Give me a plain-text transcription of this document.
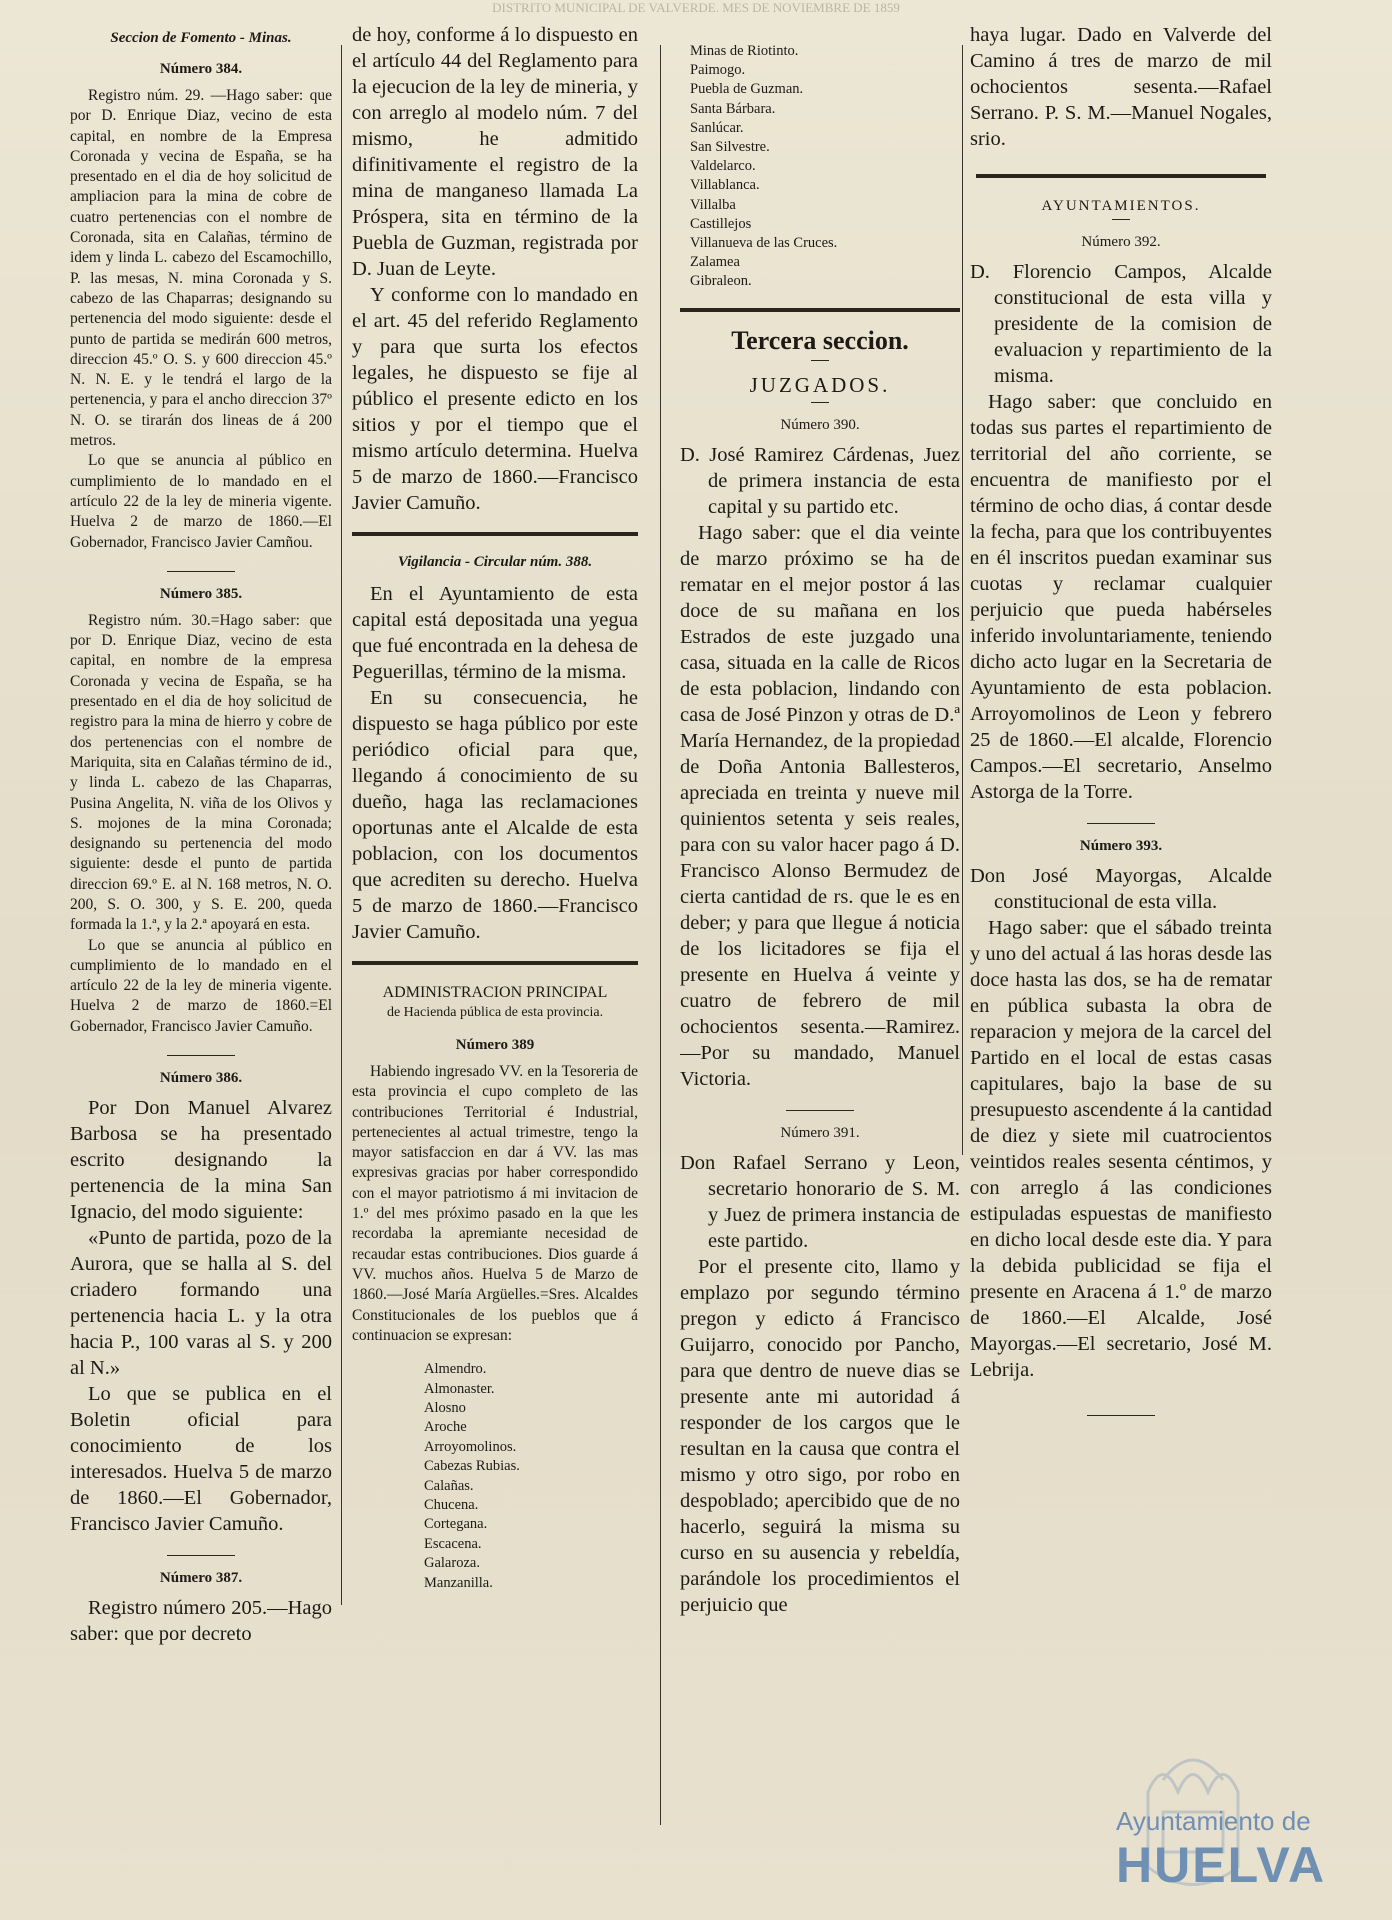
DISTRITO MUNICIPAL DE VALVERDE. MES DE NOVIEMBRE DE 1859
Seccion de Fomento - Minas.
Número 384.

Registro núm. 29. —Hago saber: que por D. Enrique Diaz, vecino de esta capital, en nombre de la Empresa Coronada y vecina de España, se ha presentado en el dia de hoy solicitud de ampliacion para la mina de cobre de cuatro pertenencias con el nombre de Coronada, sita en Calañas, término de idem y linda L. cabezo del Escamochillo, P. las mesas, N. mina Coronada y S. cabezo de las Chaparras; designando su pertenencia del modo siguiente: desde el punto de partida se medirán 600 metros, direccion 45.º O. S. y 600 direccion 45.º N. N. E. y le tendrá el largo de la pertenencia, y para el ancho direccion 37º N. O. se tirarán dos lineas de á 200 metros.

Lo que se anuncia al público en cumplimiento de lo mandado en el artículo 22 de la ley de mineria vigente. Huelva 2 de marzo de 1860.—El Gobernador, Francisco Javier Camñou.

Número 385.

Registro núm. 30.=Hago saber: que por D. Enrique Diaz, vecino de esta capital, en nombre de la empresa Coronada y vecina de España, se ha presentado en el dia de hoy solicitud de registro para la mina de hierro y cobre de dos pertenencias con el nombre de Mariquita, sita en Calañas término de id., y linda L. cabezo de las Chaparras, Pusina Angelita, N. viña de los Olivos y S. mojones de la mina Coronada; designando su pertenencia del modo siguiente: desde el punto de partida direccion 69.º E. al N. 168 metros, N. O. 200, S. O. 300, y S. E. 200, queda formada la 1.ª, y la 2.ª apoyará en esta.

Lo que se anuncia al público en cumplimiento de lo mandado en el artículo 22 de la ley de mineria vigente. Huelva 2 de marzo de 1860.=El Gobernador, Francisco Javier Camuño.

Número 386.

Por Don Manuel Alvarez Barbosa se ha presentado escrito designando la pertenencia de la mina San Ignacio, del modo siguiente:

«Punto de partida, pozo de la Aurora, que se halla al S. del criadero formando una pertenencia hacia L. y la otra hacia P., 100 varas al S. y 200 al N.»

Lo que se publica en el Boletin oficial para conocimiento de los interesados. Huelva 5 de marzo de 1860.—El Gobernador, Francisco Javier Camuño.

Número 387.

Registro número 205.—Hago saber: que por decreto

de hoy, conforme á lo dispuesto en el artículo 44 del Reglamento para la ejecucion de la ley de mineria, y con arreglo al modelo núm. 7 del mismo, he admitido difinitivamente el registro de la mina de manganeso llamada La Próspera, sita en término de la Puebla de Guzman, registrada por D. Juan de Leyte.

Y conforme con lo mandado en el art. 45 del referido Reglamento y para que surta los efectos legales, he dispuesto se fije al público el presente edicto en los sitios y por el tiempo que el mismo artículo determina. Huelva 5 de marzo de 1860.—Francisco Javier Camuño.

Vigilancia - Circular núm. 388.

En el Ayuntamiento de esta capital está depositada una yegua que fué encontrada en la dehesa de Peguerillas, término de la misma.

En su consecuencia, he dispuesto se haga público por este periódico oficial para que, llegando á conocimiento de su dueño, haga las reclamaciones oportunas ante el Alcalde de esta poblacion, con los documentos que acrediten su derecho. Huelva 5 de marzo de 1860.—Francisco Javier Camuño.

ADMINISTRACION PRINCIPAL
de Hacienda pública de esta provincia.
Número 389

Habiendo ingresado VV. en la Tesoreria de esta provincia el cupo completo de las contribuciones Territorial é Industrial, pertenecientes al actual trimestre, tengo la mayor satisfaccion en dar á VV. las mas expresivas gracias por haber correspondido con el mayor patriotismo á mi invitacion de 1.º del mes próximo pasado en la que les recordaba la apremiante necesidad de recaudar estas contribuciones. Dios guarde á VV. muchos años. Huelva 5 de Marzo de 1860.—José María Argüelles.=Sres. Alcaldes Constitucionales de los pueblos que á continuacion se expresan:

Almendro.
Almonaster.
Alosno
Aroche
Arroyomolinos.
Cabezas Rubias.
Calañas.
Chucena.
Cortegana.
Escacena.
Galaroza.
Manzanilla.
Minas de Riotinto.
Paimogo.
Puebla de Guzman.
Santa Bárbara.
Sanlúcar.
San Silvestre.
Valdelarco.
Villablanca.
Villalba
Castillejos
Villanueva de las Cruces.
Zalamea
Gibraleon.
Tercera seccion.
JUZGADOS.
Número 390.

D. José Ramirez Cárdenas, Juez de primera instancia de esta capital y su partido etc.

Hago saber: que el dia veinte de marzo próximo se ha de rematar en el mejor postor á las doce de su mañana en los Estrados de este juzgado una casa, situada en la calle de Ricos de esta poblacion, lindando con casa de José Pinzon y otras de D.ª María Hernandez, de la propiedad de Doña Antonia Ballesteros, apreciada en treinta y nueve mil quinientos setenta y seis reales, para con su valor hacer pago á D. Francisco Alonso Bermudez de cierta cantidad de rs. que le es en deber; y para que llegue á noticia de los licitadores se fija el presente en Huelva á veinte y cuatro de febrero de mil ochocientos sesenta.—Ramirez.—Por su mandado, Manuel Victoria.

Número 391.

Don Rafael Serrano y Leon, secretario honorario de S. M. y Juez de primera instancia de este partido.

Por el presente cito, llamo y emplazo por segundo término pregon y edicto á Francisco Guijarro, conocido por Pancho, para que dentro de nueve dias se presente ante mi autoridad á responder de los cargos que le resultan en la causa que contra el mismo y otro sigo, por robo en despoblado; apercibido que de no hacerlo, seguirá la misma su curso en su ausencia y rebeldía, parándole los procedimientos el perjuicio que

haya lugar. Dado en Valverde del Camino á tres de marzo de mil ochocientos sesenta.—Rafael Serrano. P. S. M.—Manuel Nogales, srio.

AYUNTAMIENTOS.
Número 392.

D. Florencio Campos, Alcalde constitucional de esta villa y presidente de la comision de evaluacion y repartimiento de la misma.

Hago saber: que concluido en todas sus partes el repartimiento de territorial del año corriente, se encuentra de manifiesto por el término de ocho dias, á contar desde la fecha, para que los contribuyentes en él inscritos puedan examinar sus cuotas y reclamar cualquier perjuicio que pueda habérseles inferido involuntariamente, teniendo dicho acto lugar en la Secretaria de Ayuntamiento de esta poblacion. Arroyomolinos de Leon y febrero 25 de 1860.—El alcalde, Florencio Campos.—El secretario, Anselmo Astorga de la Torre.

Número 393.

Don José Mayorgas, Alcalde constitucional de esta villa.

Hago saber: que el sábado treinta y uno del actual á las horas desde las doce hasta las dos, se ha de rematar en pública subasta la obra de reparacion y mejora de la carcel del Partido en el local de estas casas capitulares, bajo la base de su presupuesto ascendente á la cantidad de diez y siete mil cuatrocientos veintidos reales sesenta céntimos, y con arreglo á las condiciones estipuladas espuestas de manifiesto en dicho local desde este dia. Y para la debida publicidad se fija el presente en Aracena á 1.º de marzo de 1860.—El Alcalde, José Mayorgas.—El secretario, José M. Lebrija.

Ayuntamiento de
HUELVA
